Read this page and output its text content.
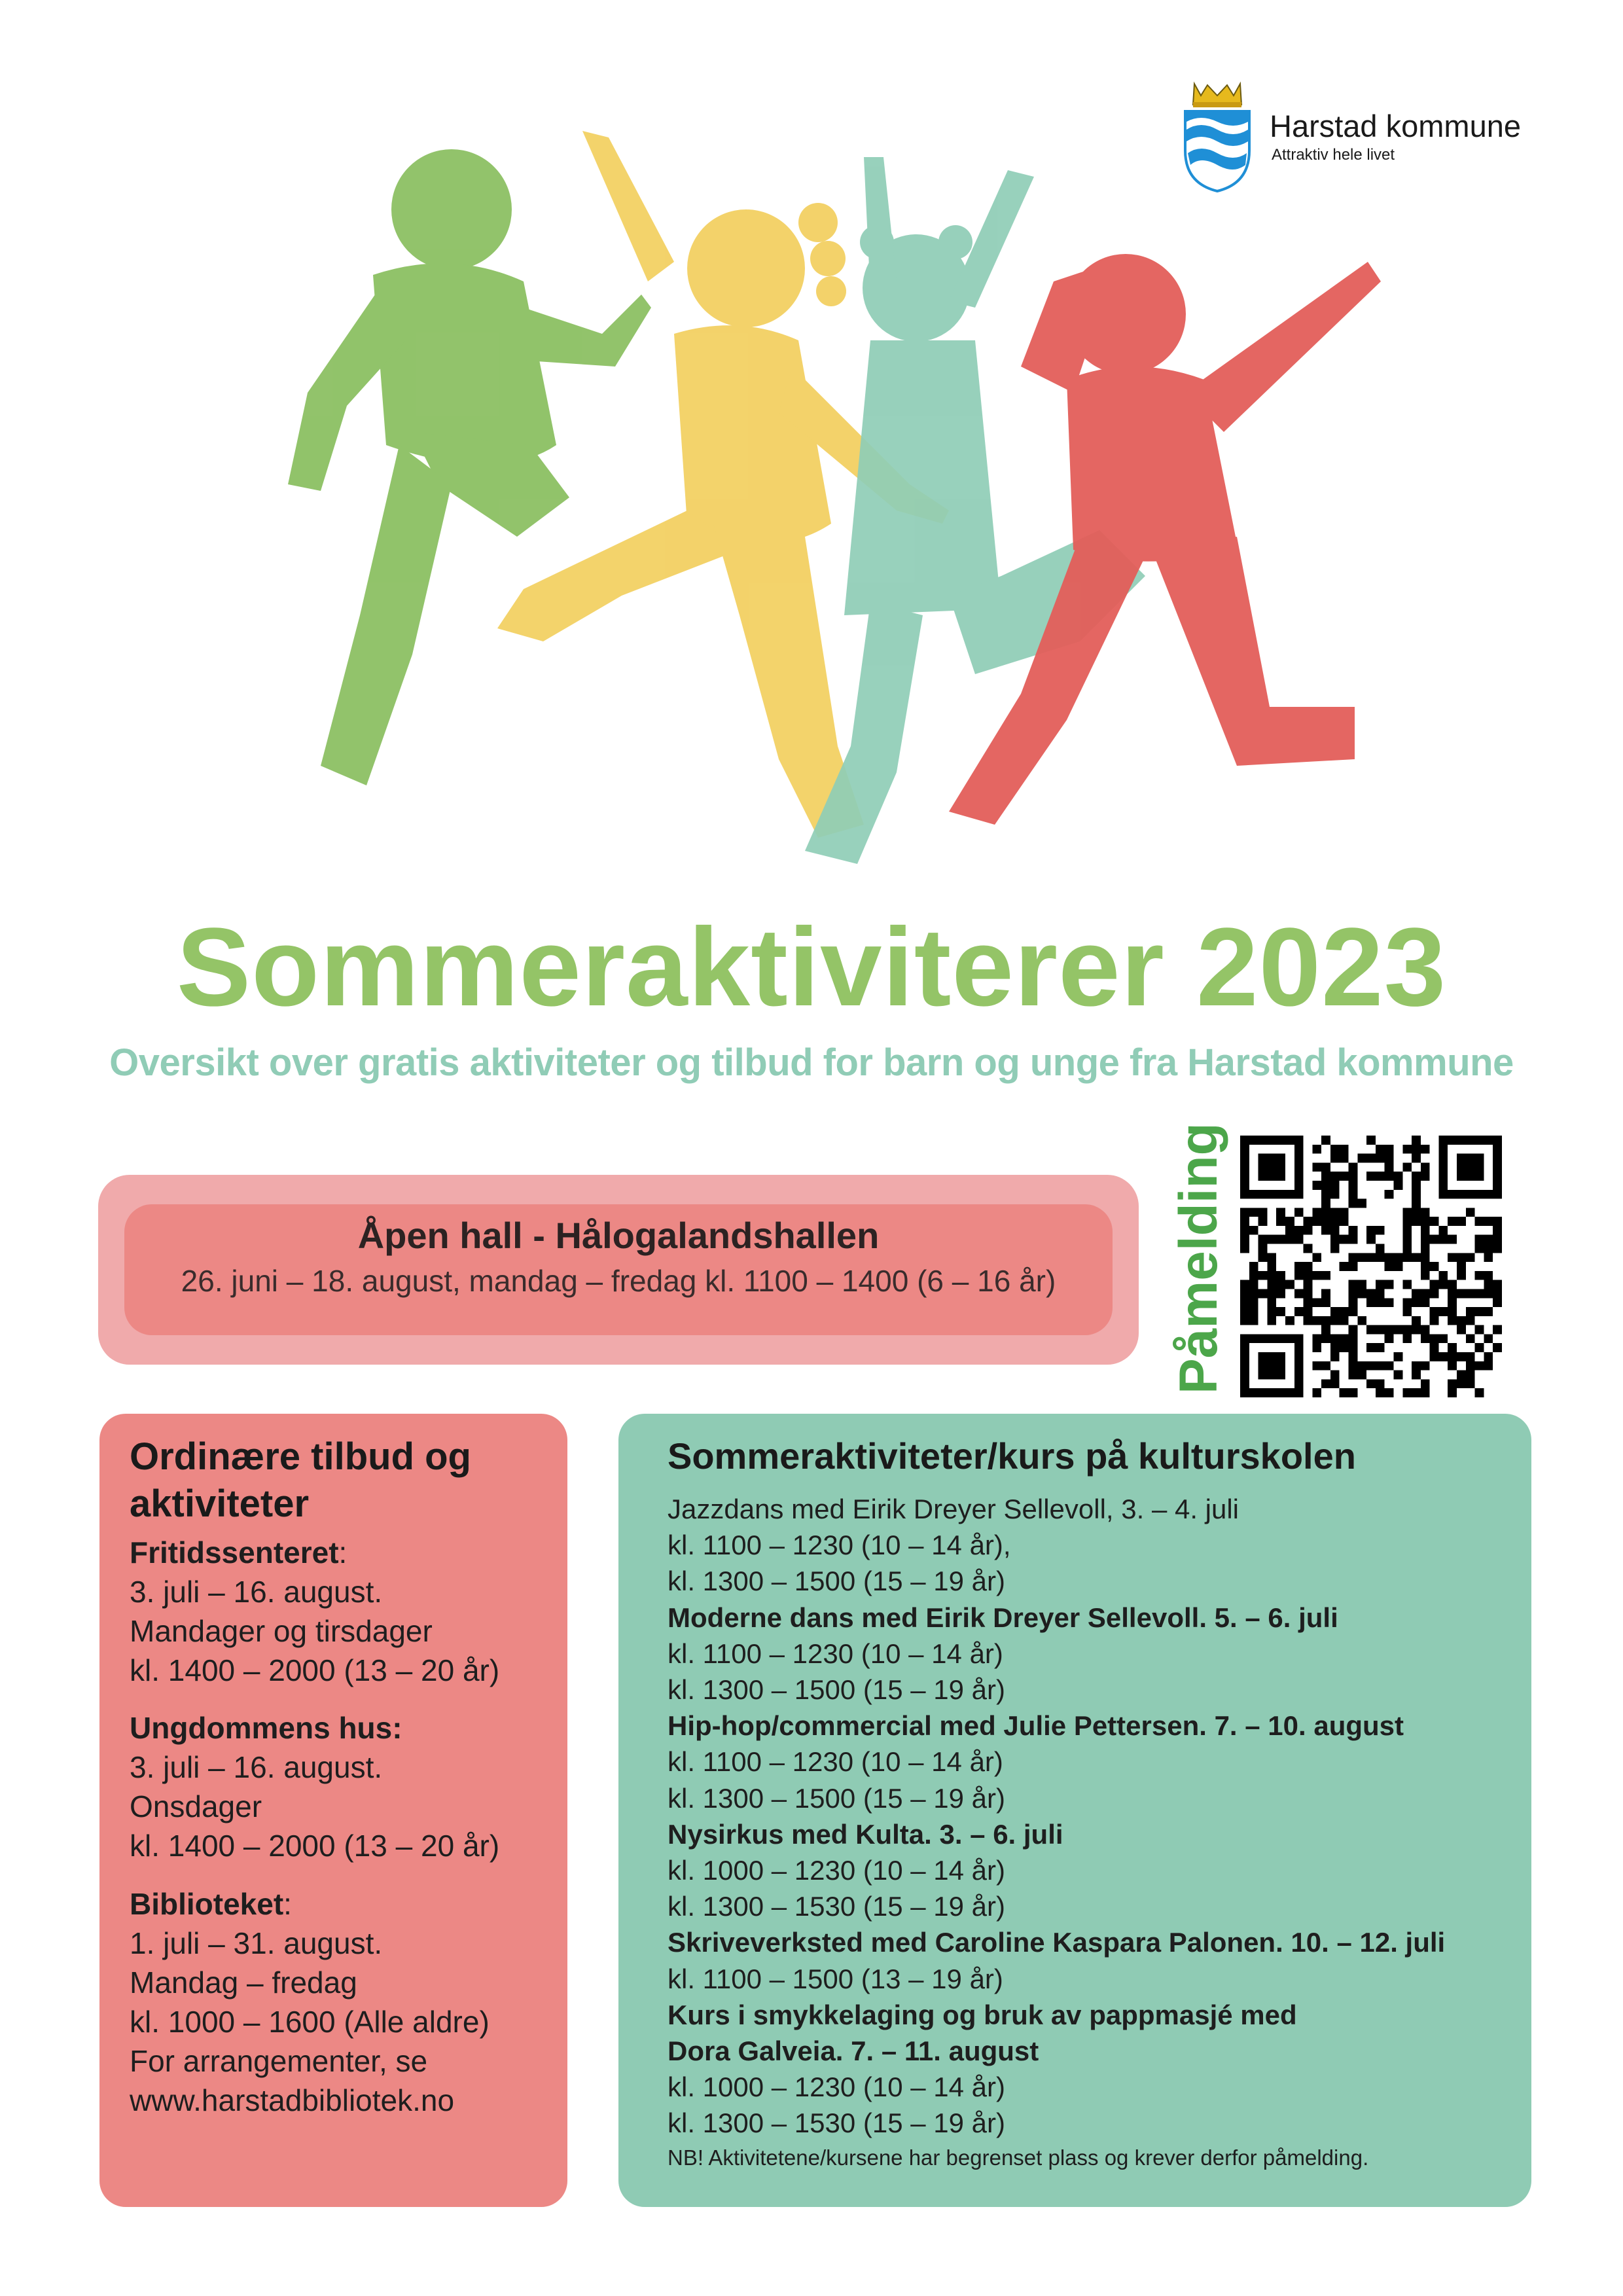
Harstad kommune
Attraktiv hele livet
Sommeraktiviterer 2023
Oversikt over gratis aktiviteter og tilbud for barn og unge fra Harstad kommune
Åpen hall - Hålogalandshallen
26. juni – 18. august, mandag – fredag kl. 1100 – 1400 (6 – 16 år)	Påmelding
Ordinære tilbud og
aktiviteter
Fritidssenteret:
3. juli – 16. august.
Mandager og tirsdager
kl. 1400 – 2000 (13 – 20 år)
Ungdommens hus:
3. juli – 16. august.
Onsdager
kl. 1400 – 2000 (13 – 20 år)
Biblioteket:
1. juli – 31. august.
Mandag – fredag
kl. 1000 – 1600 (Alle aldre)
For arrangementer, se
www.harstadbibliotek.no
Sommeraktiviteter/kurs på kulturskolen
Jazzdans med Eirik Dreyer Sellevoll, 3. – 4. juli
kl. 1100 – 1230 (10 – 14 år),
kl. 1300 – 1500 (15 – 19 år)
Moderne dans med Eirik Dreyer Sellevoll. 5. – 6. juli
kl. 1100 – 1230 (10 – 14 år)
kl. 1300 – 1500 (15 – 19 år)
Hip-hop/commercial med Julie Pettersen. 7. – 10. august
kl. 1100 – 1230 (10 – 14 år)
kl. 1300 – 1500 (15 – 19 år)
Nysirkus med Kulta. 3. – 6. juli
kl. 1000 – 1230 (10 – 14 år)
kl. 1300 – 1530 (15 – 19 år)
Skriveverksted med Caroline Kaspara Palonen. 10. – 12. juli
kl. 1100 – 1500 (13 – 19 år)
Kurs i smykkelaging og bruk av pappmasjé med
Dora Galveia. 7. – 11. august
kl. 1000 – 1230 (10 – 14 år)
kl. 1300 – 1530 (15 – 19 år)
NB! Aktivitetene/kursene har begrenset plass og krever derfor påmelding.
